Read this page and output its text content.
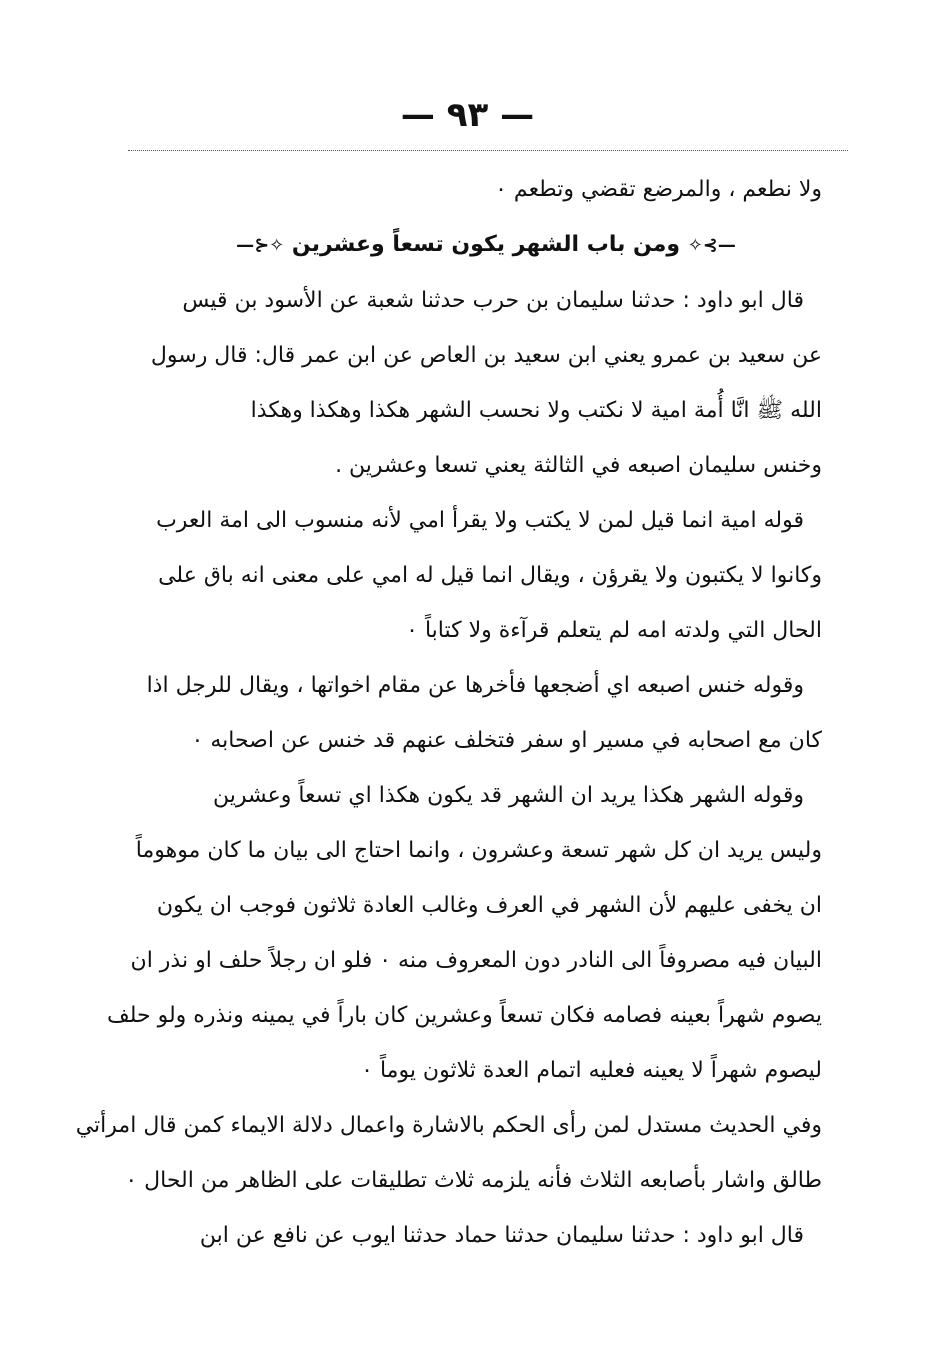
— ٩٣ —
ولا نطعم ، والمرضع تقضي وتطعم ٠
—⊱✧ ومن باب الشهر يكون تسعاً وعشرين ✧⊰—
قال ابو داود : حدثنا سليمان بن حرب حدثنا شعبة عن الأسود بن قيس
عن سعيد بن عمرو يعني ابن سعيد بن العاص عن ابن عمر قال: قال رسول
الله ﷺ انَّا أُمة امية لا نكتب ولا نحسب الشهر هكذا وهكذا وهكذا
وخنس سليمان اصبعه في الثالثة يعني تسعا وعشرين .
قوله امية انما قيل لمن لا يكتب ولا يقرأ امي لأنه منسوب الى امة العرب
وكانوا لا يكتبون ولا يقرؤن ، ويقال انما قيل له امي على معنى انه باق على
الحال التي ولدته امه لم يتعلم قرآءة ولا كتاباً ٠
وقوله خنس اصبعه اي أضجعها فأخرها عن مقام اخواتها ، ويقال للرجل اذا
كان مع اصحابه في مسير او سفر فتخلف عنهم قد خنس عن اصحابه ٠
وقوله الشهر هكذا يريد ان الشهر قد يكون هكذا اي تسعاً وعشرين
وليس يريد ان كل شهر تسعة وعشرون ، وانما احتاج الى بيان ما كان موهوماً
ان يخفى عليهم لأن الشهر في العرف وغالب العادة ثلاثون فوجب ان يكون
البيان فيه مصروفاً الى النادر دون المعروف منه ٠ فلو ان رجلاً حلف او نذر ان
يصوم شهراً بعينه فصامه فكان تسعاً وعشرين كان باراً في يمينه ونذره ولو حلف
ليصوم شهراً لا يعينه فعليه اتمام العدة ثلاثون يوماً ٠
وفي الحديث مستدل لمن رأى الحكم بالاشارة واعمال دلالة الايماء كمن قال امرأتي
طالق واشار بأصابعه الثلاث فأنه يلزمه ثلاث تطليقات على الظاهر من الحال ٠
قال ابو داود : حدثنا سليمان حدثنا حماد حدثنا ايوب عن نافع عن ابن
